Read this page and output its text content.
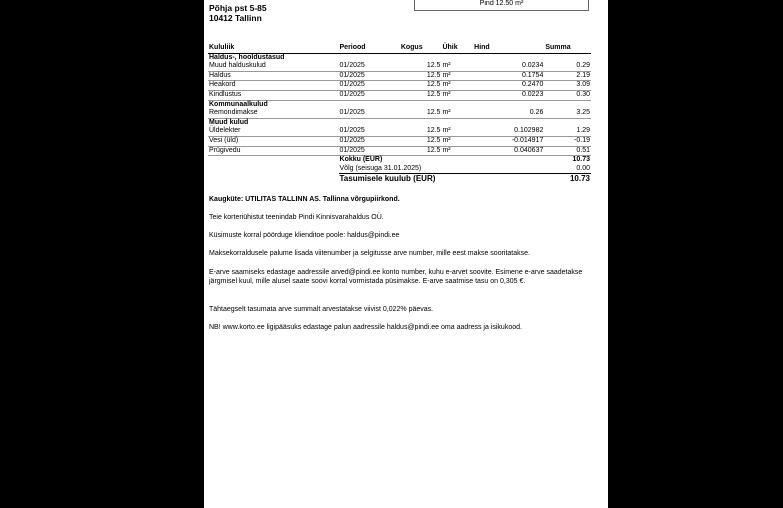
Põhja pst 5-85
10412 Tallinn
Pind 12.50 m²
Kululiik	Periood	Kogus	Ühik	Hind	Summa
Haldus-, hooldustasud					
Muud halduskulud	01/2025	12.5	m²	0.0234	0.29
Haldus	01/2025	12.5	m²	0.1754	2.19
Heakord	01/2025	12.5	m²	0.2470	3.09
Kindlustus	01/2025	12.5	m²	0.0223	0.30
Kommunaalkulud					
Remondimakse	01/2025	12.5	m²	0.26	3.25
Muud kulud					
Üldelekter	01/2025	12.5	m²	0.102982	1.29
Vesi (üld)	01/2025	12.5	m²	-0.014917	-0.19
Prügivedu	01/2025	12.5	m²	0.040637	0.51
	Kokku (EUR)				10.73
	Võlg (seisuga 31.01.2025)				0.00
	Tasumisele kuulub (EUR)				10.73
Kaugküte: UTILITAS TALLINN AS. Tallinna võrgupiirkond.
Teie korteriühistut teenindab Pindi Kinnisvarahaldus OÜ.
Küsimuste korral pöörduge klienditoe poole: haldus@pindi.ee
Maksekorraldusele palume lisada viitenumber ja selgitusse arve number, mille eest makse sooritatakse.
E-arve saamiseks edastage aadressile arved@pindi.ee konto number, kuhu e-arvet soovite. Esimene e-arve saadetakse järgmisel kuul, mille alusel saate soovi korral vormistada püsimakse. E-arve saatmise tasu on 0,305 €.
Tähtaegselt tasumata arve summalt arvestatakse viivist 0,022% päevas.
NB! www.korto.ee ligipääsuks edastage palun aadressile haldus@pindi.ee oma aadress ja isikukood.
